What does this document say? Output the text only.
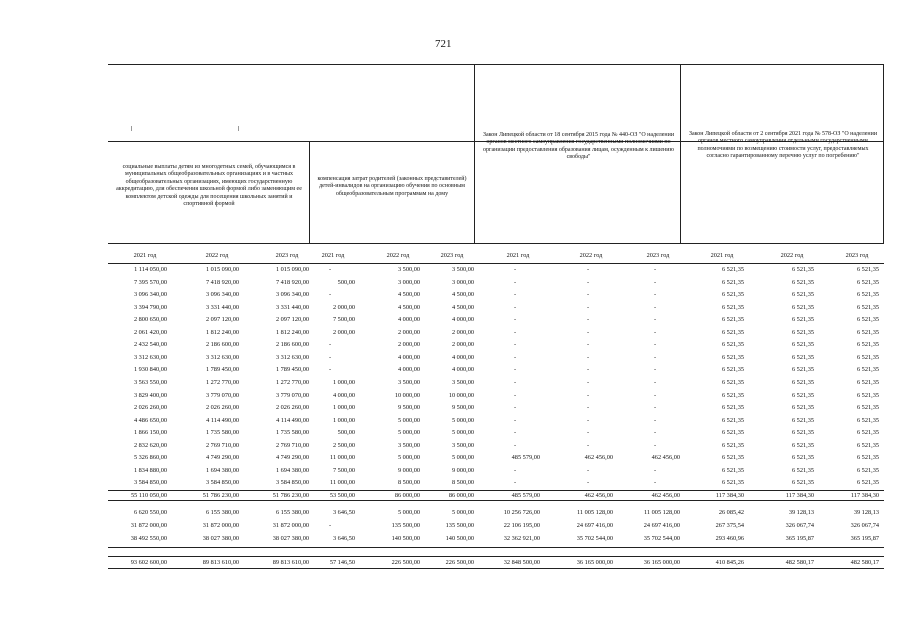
721
социальные выплаты детям из многодетных семей, обучающимся в муниципальных общеобразовательных организациях и в частных общеобразовательных организациях, имеющих государственную аккредитацию, для обеспечения школьной формой либо заменяющим ее комплектом детской одежды для посещения школьных занятий и спортивной формой
компенсация затрат родителей (законных представителей) детей-инвалидов на организацию обучения по основным общеобразовательным программам на дому
Закон Липецкой области от 18 сентября 2015 года № 440-ОЗ "О наделении органов местного самоуправления государственными полномочиями по организации предоставления образования лицам, осужденным к лишению свободы"
Закон Липецкой области от 2 сентября 2021 года № 578-ОЗ "О наделении органов местного самоуправления отдельными государственными полномочиями по возмещению стоимости услуг, предоставляемых согласно гарантированному перечню услуг по погребению"
2021 год	2022 год	2023 год	2021 год	2022 год	2023 год	2021 год	2022 год	2023 год	2021 год	2022 год	2023 год
1 114 050,00	1 015 090,00	1 015 090,00	-	3 500,00	3 500,00	-	-	-	6 521,35	6 521,35	6 521,35
7 395 570,00	7 418 920,00	7 418 920,00	500,00	3 000,00	3 000,00	-	-	-	6 521,35	6 521,35	6 521,35
3 096 340,00	3 096 340,00	3 096 340,00	-	4 500,00	4 500,00	-	-	-	6 521,35	6 521,35	6 521,35
3 394 790,00	3 331 440,00	3 331 440,00	2 000,00	4 500,00	4 500,00	-	-	-	6 521,35	6 521,35	6 521,35
2 800 650,00	2 097 120,00	2 097 120,00	7 500,00	4 000,00	4 000,00	-	-	-	6 521,35	6 521,35	6 521,35
2 061 420,00	1 812 240,00	1 812 240,00	2 000,00	2 000,00	2 000,00	-	-	-	6 521,35	6 521,35	6 521,35
2 432 540,00	2 186 600,00	2 186 600,00	-	2 000,00	2 000,00	-	-	-	6 521,35	6 521,35	6 521,35
3 312 630,00	3 312 630,00	3 312 630,00	-	4 000,00	4 000,00	-	-	-	6 521,35	6 521,35	6 521,35
1 930 840,00	1 789 450,00	1 789 450,00	-	4 000,00	4 000,00	-	-	-	6 521,35	6 521,35	6 521,35
3 563 550,00	1 272 770,00	1 272 770,00	1 000,00	3 500,00	3 500,00	-	-	-	6 521,35	6 521,35	6 521,35
3 829 400,00	3 779 070,00	3 779 070,00	4 000,00	10 000,00	10 000,00	-	-	-	6 521,35	6 521,35	6 521,35
2 026 260,00	2 026 260,00	2 026 260,00	1 000,00	9 500,00	9 500,00	-	-	-	6 521,35	6 521,35	6 521,35
4 486 650,00	4 114 490,00	4 114 490,00	1 000,00	5 000,00	5 000,00	-	-	-	6 521,35	6 521,35	6 521,35
1 866 150,00	1 735 580,00	1 735 580,00	500,00	5 000,00	5 000,00	-	-	-	6 521,35	6 521,35	6 521,35
2 832 620,00	2 769 710,00	2 769 710,00	2 500,00	3 500,00	3 500,00	-	-	-	6 521,35	6 521,35	6 521,35
5 326 860,00	4 749 290,00	4 749 290,00	11 000,00	5 000,00	5 000,00	485 579,00	462 456,00	462 456,00	6 521,35	6 521,35	6 521,35
1 834 880,00	1 694 380,00	1 694 380,00	7 500,00	9 000,00	9 000,00	-	-	-	6 521,35	6 521,35	6 521,35
3 584 850,00	3 584 850,00	3 584 850,00	11 000,00	8 500,00	8 500,00	-	-	-	6 521,35	6 521,35	6 521,35
55 110 050,00	51 786 230,00	51 786 230,00	53 500,00	86 000,00	86 000,00	485 579,00	462 456,00	462 456,00	117 384,30	117 384,30	117 384,30
6 620 550,00	6 155 380,00	6 155 380,00	3 646,50	5 000,00	5 000,00	10 256 726,00	11 005 128,00	11 005 128,00	26 085,42	39 128,13	39 128,13
31 872 000,00	31 872 000,00	31 872 000,00	-	135 500,00	135 500,00	22 106 195,00	24 697 416,00	24 697 416,00	267 375,54	326 067,74	326 067,74
38 492 550,00	38 027 380,00	38 027 380,00	3 646,50	140 500,00	140 500,00	32 362 921,00	35 702 544,00	35 702 544,00	293 460,96	365 195,87	365 195,87
93 602 600,00	89 813 610,00	89 813 610,00	57 146,50	226 500,00	226 500,00	32 848 500,00	36 165 000,00	36 165 000,00	410 845,26	482 580,17	482 580,17
